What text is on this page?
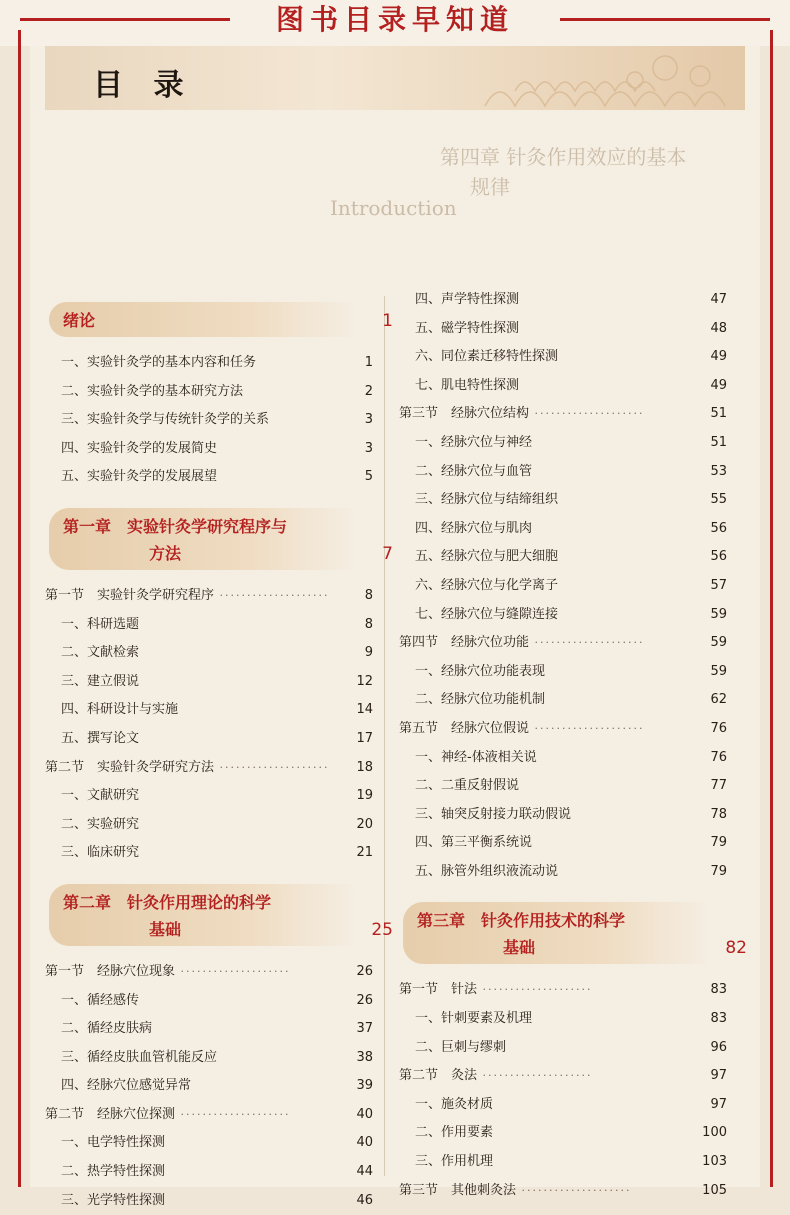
图书目录早知道
目 录
Introduction
第四章 针灸作用效应的基本
规律
绪论	1
一、实验针灸学的基本内容和任务	1
二、实验针灸学的基本研究方法	2
三、实验针灸学与传统针灸学的关系	3
四、实验针灸学的发展简史	3
五、实验针灸学的发展展望	5
第一章　实验针灸学研究程序与
方法	7
第一节　实验针灸学研究程序 ····················	8
一、科研选题	8
二、文献检索	9
三、建立假说	12
四、科研设计与实施	14
五、撰写论文	17
第二节　实验针灸学研究方法 ···················· 18
一、文献研究	19
二、实验研究	20
三、临床研究	21
第二章　针灸作用理论的科学
基础	25
第一节　经脉穴位现象 ····················	26
一、循经感传	26
二、循经皮肤病	37
三、循经皮肤血管机能反应	38
四、经脉穴位感觉异常	39
第二节　经脉穴位探测 ····················	40
一、电学特性探测	40
二、热学特性探测	44
三、光学特性探测	46
四、声学特性探测	47
五、磁学特性探测	48
六、同位素迁移特性探测	49
七、肌电特性探测	49
第三节　经脉穴位结构 ····················	51
一、经脉穴位与神经	51
二、经脉穴位与血管	53
三、经脉穴位与结缔组织	55
四、经脉穴位与肌肉	56
五、经脉穴位与肥大细胞	56
六、经脉穴位与化学离子	57
七、经脉穴位与缝隙连接	59
第四节　经脉穴位功能 ····················	59
一、经脉穴位功能表现	59
二、经脉穴位功能机制	62
第五节　经脉穴位假说 ····················	76
一、神经-体液相关说	76
二、二重反射假说	77
三、轴突反射接力联动假说	78
四、第三平衡系统说	79
五、脉管外组织液流动说	79
第三章　针灸作用技术的科学
基础	82
第一节　针法 ····················	83
一、针刺要素及机理	83
二、巨刺与缪刺	96
第二节　灸法 ····················	97
一、施灸材质	97
二、作用要素	100
三、作用机理	103
第三节　其他刺灸法 ····················	105
